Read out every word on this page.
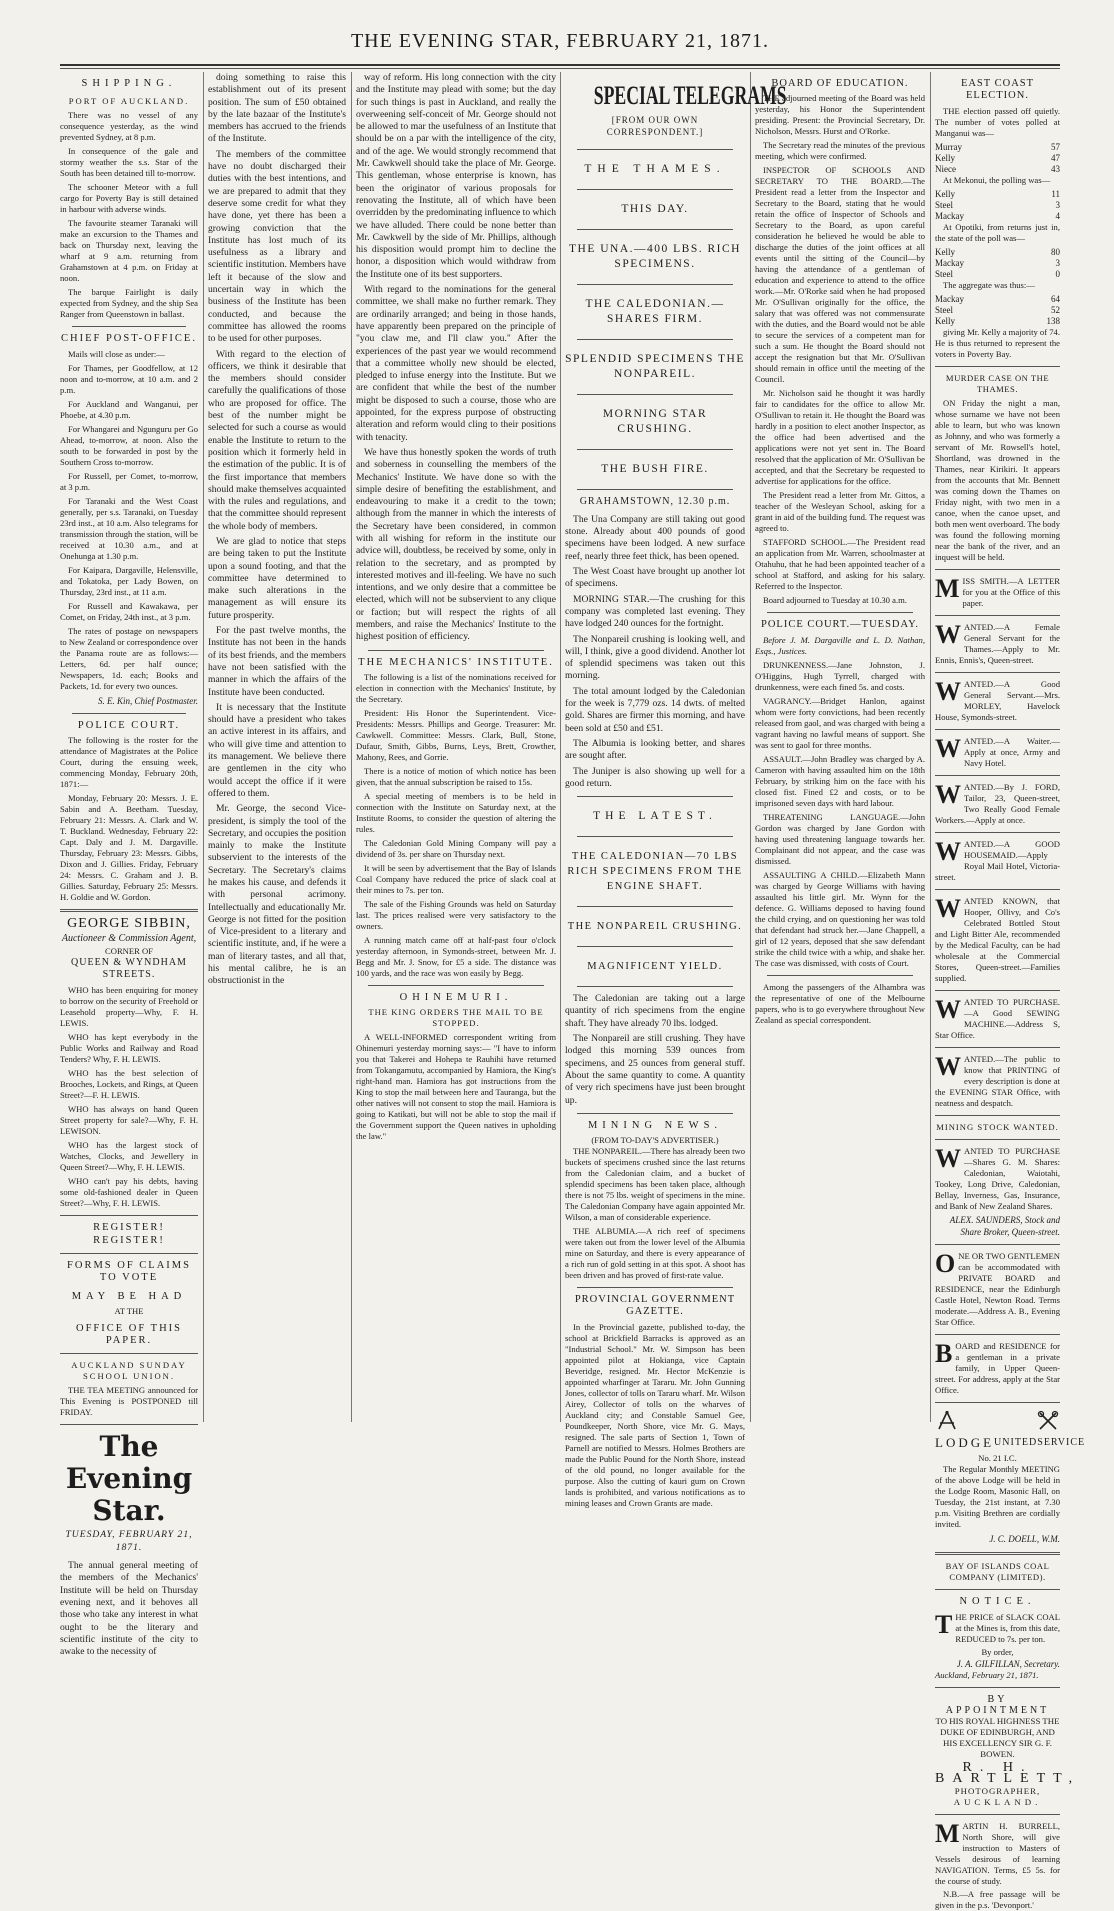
THE EVENING STAR, FEBRUARY 21, 1871.
SHIPPING.
PORT OF AUCKLAND.

There was no vessel of any consequence yesterday, as the wind prevented Sydney, at 8 p.m.

In consequence of the gale and stormy weather the s.s. Star of the South has been detained till to-morrow.

The schooner Meteor with a full cargo for Poverty Bay is still detained in harbour with adverse winds.

The favourite steamer Taranaki will make an excursion to the Thames and back on Thursday next, leaving the wharf at 9 a.m. returning from Grahamstown at 4 p.m. on Friday at noon.

The barque Fairlight is daily expected from Sydney, and the ship Sea Ranger from Queenstown in ballast.

CHIEF POST-OFFICE.

Mails will close as under:—

For Thames, per Goodfellow, at 12 noon and to-morrow, at 10 a.m. and 2 p.m.

For Auckland and Wanganui, per Phoebe, at 4.30 p.m.

For Whangarei and Ngunguru per Go Ahead, to-morrow, at noon. Also the south to be forwarded in post by the Southern Cross to-morrow.

For Russell, per Comet, to-morrow, at 3 p.m.

For Taranaki and the West Coast generally, per s.s. Taranaki, on Tuesday 23rd inst., at 10 a.m. Also telegrams for transmission through the station, will be received at 10.30 a.m., and at Onehunga at 1.30 p.m.

For Kaipara, Dargaville, Helensville, and Tokatoka, per Lady Bowen, on Thursday, 23rd inst., at 11 a.m.

For Russell and Kawakawa, per Comet, on Friday, 24th inst., at 3 p.m.

The rates of postage on newspapers to New Zealand or correspondence over the Panama route are as follows:— Letters, 6d. per half ounce; Newspapers, 1d. each; Books and Packets, 1d. for every two ounces.

S. E. Kin, Chief Postmaster.
POLICE COURT.

The following is the roster for the attendance of Magistrates at the Police Court, during the ensuing week, commencing Monday, February 20th, 1871:—

Monday, February 20: Messrs. J. E. Sabin and A. Beetham. Tuesday, February 21: Messrs. A. Clark and W. T. Buckland. Wednesday, February 22: Capt. Daly and J. M. Dargaville. Thursday, February 23: Messrs. Gibbs, Dixon and J. Gillies. Friday, February 24: Messrs. C. Graham and J. B. Gillies. Saturday, February 25: Messrs. H. Goldie and W. Gordon.

GEORGE SIBBIN,
Auctioneer & Commission Agent,
CORNER OF
QUEEN & WYNDHAM STREETS.

WHO has been enquiring for money to borrow on the security of Freehold or Leasehold property—Why, F. H. LEWIS.

WHO has kept everybody in the Public Works and Railway and Road Tenders? Why, F. H. LEWIS.

WHO has the best selection of Brooches, Lockets, and Rings, at Queen Street?—F. H. LEWIS.

WHO has always on hand Queen Street property for sale?—Why, F. H. LEWISON.

WHO has the largest stock of Watches, Clocks, and Jewellery in Queen Street?—Why, F. H. LEWIS.

WHO can't pay his debts, having some old-fashioned dealer in Queen Street?—Why, F. H. LEWIS.

REGISTER! REGISTER!
FORMS OF CLAIMS TO VOTE
MAY BE HAD
AT THE
OFFICE OF THIS PAPER.
AUCKLAND SUNDAY SCHOOL UNION.

THE TEA MEETING announced for This Evening is POSTPONED till FRIDAY.

The Evening Star.
TUESDAY, FEBRUARY 21, 1871.

The annual general meeting of the members of the Mechanics' Institute will be held on Thursday evening next, and it behoves all those who take any interest in what ought to be the literary and scientific institute of the city to awake to the necessity of

doing something to raise this establishment out of its present position. The sum of £50 obtained by the late bazaar of the Institute's members has accrued to the friends of the Institute.

The members of the committee have no doubt discharged their duties with the best intentions, and we are prepared to admit that they deserve some credit for what they have done, yet there has been a growing conviction that the Institute has lost much of its usefulness as a library and scientific institution. Members have left it because of the slow and uncertain way in which the business of the Institute has been conducted, and because the committee has allowed the rooms to be used for other purposes.

With regard to the election of officers, we think it desirable that the members should consider carefully the qualifications of those who are proposed for office. The best of the number might be selected for such a course as would enable the Institute to return to the position which it formerly held in the estimation of the public. It is of the first importance that members should make themselves acquainted with the rules and regulations, and that the committee should represent the whole body of members.

We are glad to notice that steps are being taken to put the Institute upon a sound footing, and that the committee have determined to make such alterations in the management as will ensure its future prosperity.

For the past twelve months, the Institute has not been in the hands of its best friends, and the members have not been satisfied with the manner in which the affairs of the Institute have been conducted.

It is necessary that the Institute should have a president who takes an active interest in its affairs, and who will give time and attention to its management. We believe there are gentlemen in the city who would accept the office if it were offered to them.

Mr. George, the second Vice-president, is simply the tool of the Secretary, and occupies the position mainly to make the Institute subservient to the interests of the Secretary. The Secretary's claims he makes his cause, and defends it with personal acrimony. Intellectually and educationally Mr. George is not fitted for the position of Vice-president to a literary and scientific institute, and, if he were a man of literary tastes, and all that, his mental calibre, he is an obstructionist in the

way of reform. His long connection with the city and the Institute may plead with some; but the day for such things is past in Auckland, and really the overweening self-conceit of Mr. George should not be allowed to mar the usefulness of an Institute that should be on a par with the intelligence of the city, and of the age. We would strongly recommend that Mr. Cawkwell should take the place of Mr. George. This gentleman, whose enterprise is known, has been the originator of various proposals for renovating the Institute, all of which have been overridden by the predominating influence to which we have alluded. There could be none better than Mr. Cawkwell by the side of Mr. Phillips, although his disposition would prompt him to decline the honor, a disposition which would withdraw from the Institute one of its best supporters.

With regard to the nominations for the general committee, we shall make no further remark. They are ordinarily arranged; and being in those hands, have apparently been prepared on the principle of "you claw me, and I'll claw you." After the experiences of the past year we would recommend that a committee wholly new should be elected, pledged to infuse energy into the Institute. But we are confident that while the best of the number might be disposed to such a course, those who are appointed, for the express purpose of obstructing alteration and reform would cling to their positions with tenacity.

We have thus honestly spoken the words of truth and soberness in counselling the members of the Mechanics' Institute. We have done so with the simple desire of benefiting the establishment, and endeavouring to make it a credit to the town; although from the manner in which the interests of the Secretary have been considered, in common with all wishing for reform in the institute our advice will, doubtless, be received by some, only in relation to the secretary, and as prompted by interested motives and ill-feeling. We have no such intentions, and we only desire that a committee be elected, which will not be subservient to any clique or faction; but will respect the rights of all members, and raise the Mechanics' Institute to the highest position of efficiency.

THE MECHANICS' INSTITUTE.

The following is a list of the nominations received for election in connection with the Mechanics' Institute, by the Secretary.

President: His Honor the Superintendent. Vice-Presidents: Messrs. Phillips and George. Treasurer: Mr. Cawkwell. Committee: Messrs. Clark, Bull, Stone, Dufaur, Smith, Gibbs, Burns, Leys, Brett, Crowther, Mahony, Rees, and Gorrie.

There is a notice of motion of which notice has been given, that the annual subscription be raised to 15s.

A special meeting of members is to be held in connection with the Institute on Saturday next, at the Institute Rooms, to consider the question of altering the rules.

The Caledonian Gold Mining Company will pay a dividend of 3s. per share on Thursday next.

It will be seen by advertisement that the Bay of Islands Coal Company have reduced the price of slack coal at their mines to 7s. per ton.

The sale of the Fishing Grounds was held on Saturday last. The prices realised were very satisfactory to the owners.

A running match came off at half-past four o'clock yesterday afternoon, in Symonds-street, between Mr. J. Begg and Mr. J. Snow, for £5 a side. The distance was 100 yards, and the race was won easily by Begg.

OHINEMURI.
THE KING ORDERS THE MAIL TO BE STOPPED.

A WELL-INFORMED correspondent writing from Ohinemuri yesterday morning says:— "I have to inform you that Takerei and Hohepa te Rauhihi have returned from Tokangamutu, accompanied by Hamiora, the King's right-hand man. Hamiora has got instructions from the King to stop the mail between here and Tauranga, but the other natives will not consent to stop the mail. Hamiora is going to Katikati, but will not be able to stop the mail if the Government support the Queen natives in upholding the law."

SPECIAL TELEGRAMS
[FROM OUR OWN CORRESPONDENT.]
THE THAMES.
THIS DAY.
THE UNA.—400 LBS. RICH SPECIMENS.
THE CALEDONIAN.—SHARES FIRM.
SPLENDID SPECIMENS THE NONPAREIL.
MORNING STAR CRUSHING.
THE BUSH FIRE.
GRAHAMSTOWN, 12.30 p.m.

The Una Company are still taking out good stone. Already about 400 pounds of good specimens have been lodged. A new surface reef, nearly three feet thick, has been opened.

The West Coast have brought up another lot of specimens.

MORNING STAR.—The crushing for this company was completed last evening. They have lodged 240 ounces for the fortnight.

The Nonpareil crushing is looking well, and will, I think, give a good dividend. Another lot of splendid specimens was taken out this morning.

The total amount lodged by the Caledonian for the week is 7,779 ozs. 14 dwts. of melted gold. Shares are firmer this morning, and have been sold at £50 and £51.

The Albumia is looking better, and shares are sought after.

The Juniper is also showing up well for a good return.

THE LATEST.
THE CALEDONIAN—70 LBS RICH SPECIMENS FROM THE ENGINE SHAFT.
THE NONPAREIL CRUSHING.
MAGNIFICENT YIELD.

The Caledonian are taking out a large quantity of rich specimens from the engine shaft. They have already 70 lbs. lodged.

The Nonpareil are still crushing. They have lodged this morning 539 ounces from specimens, and 25 ounces from general stuff. About the same quantity to come. A quantity of very rich specimens have just been brought up.

MINING NEWS.
(FROM TO-DAY'S ADVERTISER.)

THE NONPAREIL.—There has already been two buckets of specimens crushed since the last returns from the Caledonian claim, and a bucket of splendid specimens has been taken place, although there is not 75 lbs. weight of specimens in the mine. The Caledonian Company have again appointed Mr. Wilson, a man of considerable experience.

THE ALBUMIA.—A rich reef of specimens were taken out from the lower level of the Albumia mine on Saturday, and there is every appearance of a rich run of gold setting in at this spot. A shoot has been driven and has proved of first-rate value.

PROVINCIAL GOVERNMENT GAZETTE.

In the Provincial gazette, published to-day, the school at Brickfield Barracks is approved as an "Industrial School." Mr. W. Simpson has been appointed pilot at Hokianga, vice Captain Beveridge, resigned. Mr. Hector McKenzie is appointed wharfinger at Tararu. Mr. John Gunning Jones, collector of tolls on Tararu wharf. Mr. Wilson Airey, Collector of tolls on the wharves of Auckland city; and Constable Samuel Gee, Poundkeeper, North Shore, vice Mr. G. Mays, resigned. The sale parts of Section 1, Town of Parnell are notified to Messrs. Holmes Brothers are made the Public Pound for the North Shore, instead of the old pound, no longer available for the purpose. Also the cutting of kauri gum on Crown lands is prohibited, and various notifications as to mining leases and Crown Grants are made.

BOARD OF EDUCATION.

THE adjourned meeting of the Board was held yesterday, his Honor the Superintendent presiding. Present: the Provincial Secretary, Dr. Nicholson, Messrs. Hurst and O'Rorke.

The Secretary read the minutes of the previous meeting, which were confirmed.

INSPECTOR OF SCHOOLS AND SECRETARY TO THE BOARD.—The President read a letter from the Inspector and Secretary to the Board, stating that he would retain the office of Inspector of Schools and Secretary to the Board, as upon careful consideration he believed he would be able to discharge the duties of the joint offices at all events until the sitting of the Council—by having the attendance of a gentleman of education and experience to attend to the office work.—Mr. O'Rorke said when he had proposed Mr. O'Sullivan originally for the office, the salary that was offered was not commensurate with the duties, and the Board would not be able to secure the services of a competent man for such a sum. He thought the Board should not accept the resignation but that Mr. O'Sullivan should remain in office until the meeting of the Council.

Mr. Nicholson said he thought it was hardly fair to candidates for the office to allow Mr. O'Sullivan to retain it. He thought the Board was hardly in a position to elect another Inspector, as the office had been advertised and the applications were not yet sent in. The Board resolved that the application of Mr. O'Sullivan be accepted, and that the Secretary be requested to advertise for applications for the office.

The President read a letter from Mr. Gittos, a teacher of the Wesleyan School, asking for a grant in aid of the building fund. The request was agreed to.

STAFFORD SCHOOL.—The President read an application from Mr. Warren, schoolmaster at Otahuhu, that he had been appointed teacher of a school at Stafford, and asking for his salary. Referred to the Inspector.

Board adjourned to Tuesday at 10.30 a.m.

POLICE COURT.—TUESDAY.

Before J. M. Dargaville and L. D. Nathan, Esqs., Justices.

DRUNKENNESS.—Jane Johnston, J. O'Higgins, Hugh Tyrrell, charged with drunkenness, were each fined 5s. and costs.

VAGRANCY.—Bridget Hanlon, against whom were forty convictions, had been recently released from gaol, and was charged with being a vagrant having no lawful means of support. She was sent to gaol for three months.

ASSAULT.—John Bradley was charged by A. Cameron with having assaulted him on the 18th February, by striking him on the face with his closed fist. Fined £2 and costs, or to be imprisoned seven days with hard labour.

THREATENING LANGUAGE.—John Gordon was charged by Jane Gordon with having used threatening language towards her. Complainant did not appear, and the case was dismissed.

ASSAULTING A CHILD.—Elizabeth Mann was charged by George Williams with having assaulted his little girl. Mr. Wynn for the defence. G. Williams deposed to having found the child crying, and on questioning her was told that defendant had struck her.—Jane Chappell, a girl of 12 years, deposed that she saw defendant strike the child twice with a whip, and shake her. The case was dismissed, with costs of Court.

Among the passengers of the Alhambra was the representative of one of the Melbourne papers, who is to go everywhere throughout New Zealand as special correspondent.

EAST COAST ELECTION.

THE election passed off quietly. The number of votes polled at Manganui was—

Murray	57
Kelly	47
Niece	43

At Mekonui, the polling was—

Kelly	11
Steel	3
Mackay	4

At Opotiki, from returns just in, the state of the poll was—

Kelly	80
Mackay	3
Steel	0

The aggregate was thus:—

Mackay	64
Steel	52
Kelly	138

giving Mr. Kelly a majority of 74. He is thus returned to represent the voters in Poverty Bay.

MURDER CASE ON THE THAMES.

ON Friday the night a man, whose surname we have not been able to learn, but who was known as Johnny, and who was formerly a servant of Mr. Rowsell's hotel, Shortland, was drowned in the Thames, near Kirikiri. It appears from the accounts that Mr. Bennett was coming down the Thames on Friday night, with two men in a canoe, when the canoe upset, and both men went overboard. The body was found the following morning near the bank of the river, and an inquest will be held.

MISS SMITH.—A LETTER for you at the Office of this paper.
WANTED.—A Female General Servant for the Thames.—Apply to Mr. Ennis, Ennis's, Queen-street.
WANTED.—A Good General Servant.—Mrs. MORLEY, Havelock House, Symonds-street.
WANTED.—A Waiter.—Apply at once, Army and Navy Hotel.
WANTED.—By J. FORD, Tailor, 23, Queen-street, Two Really Good Female Workers.—Apply at once.
WANTED.—A GOOD HOUSEMAID.—Apply Royal Mail Hotel, Victoria-street.
WANTED KNOWN, that Hooper, Ollivy, and Co's Celebrated Bottled Stout and Light Bitter Ale, recommended by the Medical Faculty, can be had wholesale at the Commercial Stores, Queen-street.—Families supplied.
WANTED TO PURCHASE.—A Good SEWING MACHINE.—Address S, Star Office.
WANTED.—The public to know that PRINTING of every description is done at the EVENING STAR Office, with neatness and despatch.
MINING STOCK WANTED.
WANTED TO PURCHASE—Shares G. M. Shares: Caledonian, Waiotahi, Tookey, Long Drive, Caledonian, Bellay, Inverness, Gas, Insurance, and Bank of New Zealand Shares.
ALEX. SAUNDERS, Stock and Share Broker, Queen-street.
ONE OR TWO GENTLEMEN can be accommodated with PRIVATE BOARD and RESIDENCE, near the Edinburgh Castle Hotel, Newton Road. Terms moderate.—Address A. B., Evening Star Office.
BOARD and RESIDENCE for a gentleman in a private family, in Upper Queen-street. For address, apply at the Star Office.
LODGE UNITED SERVICE
No. 21 I.C.

The Regular Monthly MEETING of the above Lodge will be held in the Lodge Room, Masonic Hall, on Tuesday, the 21st instant, at 7.30 p.m. Visiting Brethren are cordially invited.

J. C. DOELL, W.M.
BAY OF ISLANDS COAL COMPANY (LIMITED).
NOTICE.
THE PRICE of SLACK COAL at the Mines is, from this date, REDUCED to 7s. per ton.
By order,
J. A. GILFILLAN, Secretary.
Auckland, February 21, 1871.
BY APPOINTMENT
TO HIS ROYAL HIGHNESS THE DUKE OF EDINBURGH, AND
HIS EXCELLENCY SIR G. F. BOWEN.
R. H. BARTLETT,
PHOTOGRAPHER,
AUCKLAND.
MARTIN H. BURRELL, North Shore, will give instruction to Masters of Vessels desirous of learning NAVIGATION. Terms, £5 5s. for the course of study.

N.B.—A free passage will be given in the p.s. 'Devonport.'
